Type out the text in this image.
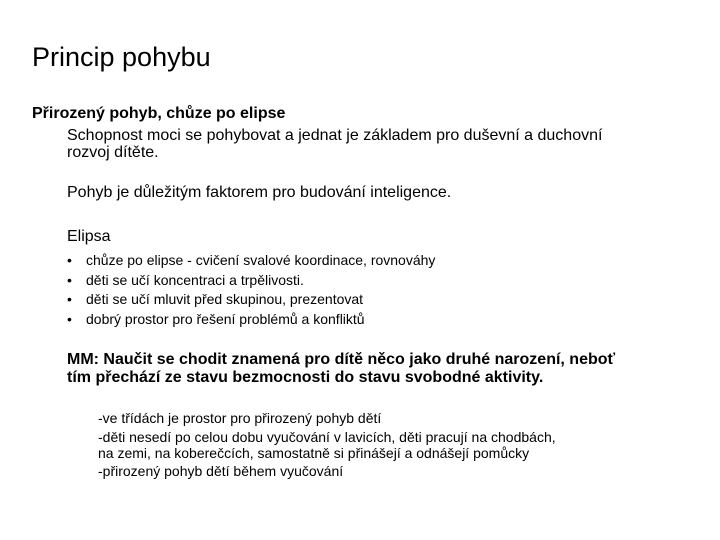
Princip pohybu
Přirozený pohyb, chůze po elipse
Schopnost moci se pohybovat a jednat je základem pro duševní a duchovní rozvoj dítěte.
Pohyb je důležitým faktorem pro budování inteligence.
Elipsa
• chůze po elipse - cvičení svalové koordinace, rovnováhy
• děti se učí koncentraci a trpělivosti.
• děti se učí mluvit před skupinou, prezentovat
• dobrý prostor pro řešení problémů a konfliktů
MM: Naučit se chodit znamená pro dítě něco jako druhé narození, neboť tím přechází ze stavu bezmocnosti do stavu svobodné aktivity.
-ve třídách je prostor pro přirozený pohyb dětí
-děti nesedí po celou dobu vyučování v lavicích, děti pracují na chodbách,
na zemi, na koberečcích, samostatně si přinášejí a odnášejí pomůcky
-přirozený pohyb dětí během vyučování
